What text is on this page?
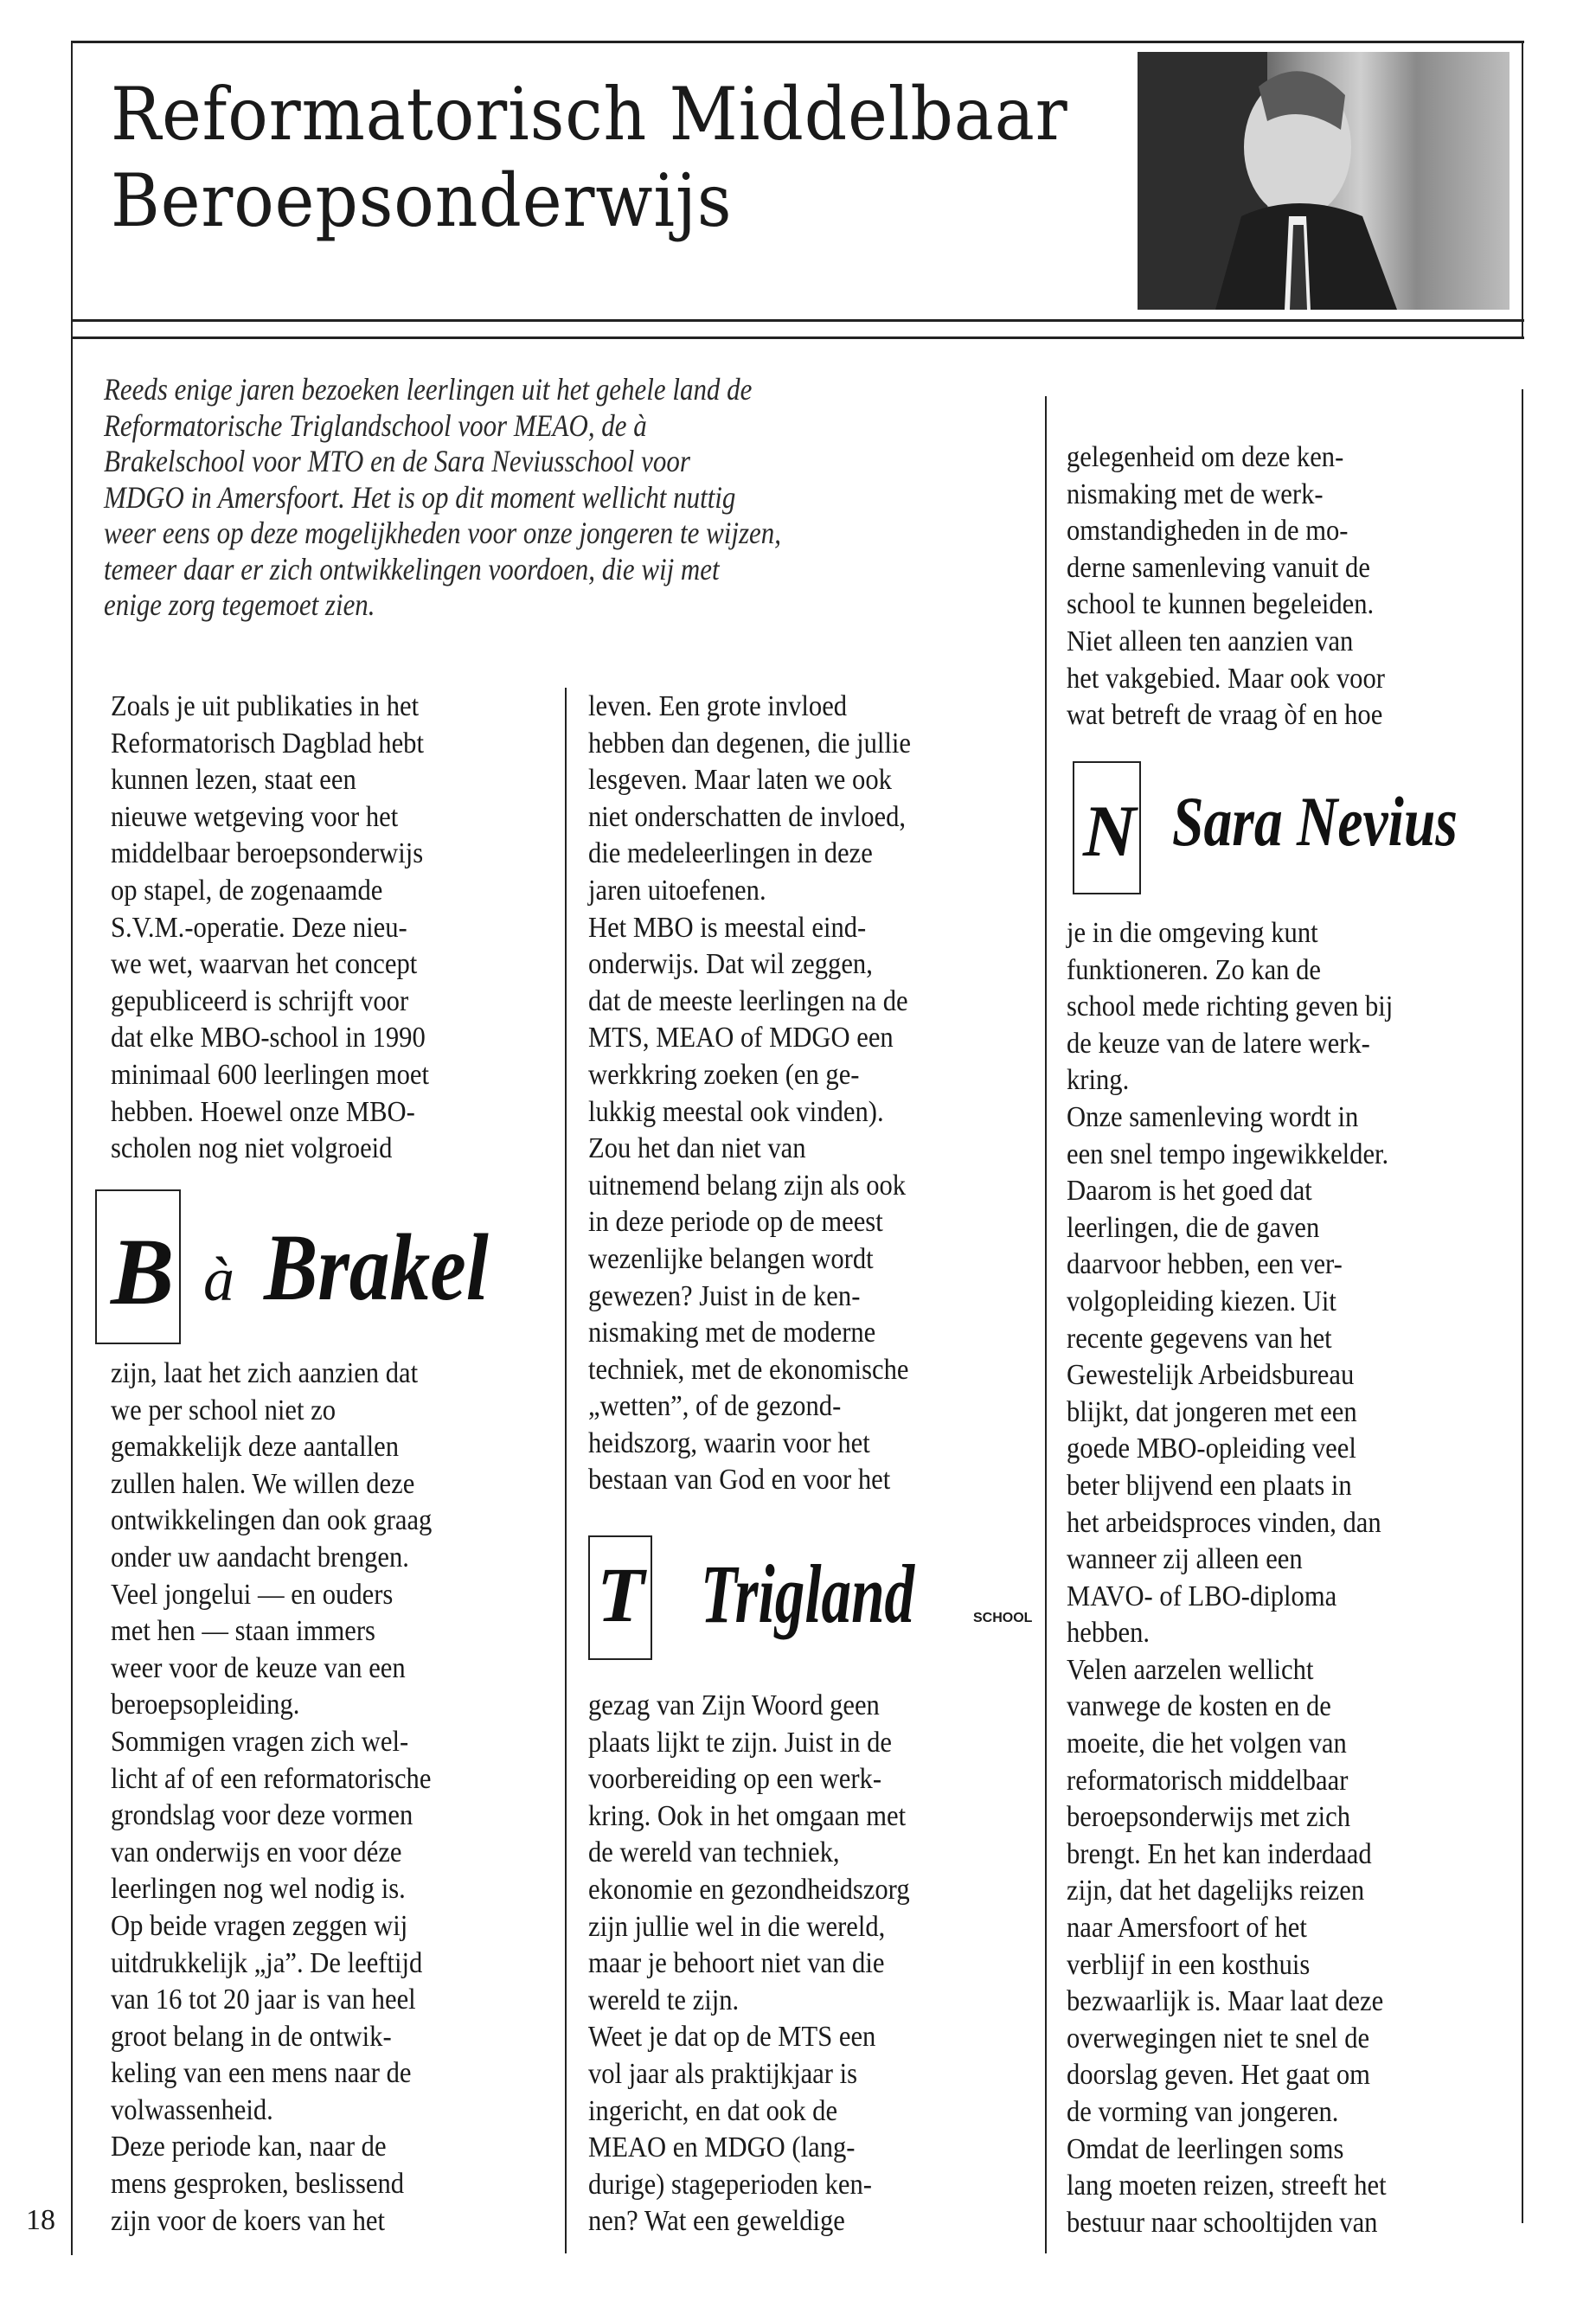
Reformatorisch Middelbaar
Beroepsonderwijs
Reeds enige jaren bezoeken leerlingen uit het gehele land de
Reformatorische Triglandschool voor MEAO, de à
Brakelschool voor MTO en de Sara Neviusschool voor
MDGO in Amersfoort. Het is op dit moment wellicht nuttig
weer eens op deze mogelijkheden voor onze jongeren te wijzen,
temeer daar er zich ontwikkelingen voordoen, die wij met
enige zorg tegemoet zien.
Zoals je uit publikaties in het
Reformatorisch Dagblad hebt
kunnen lezen, staat een
nieuwe wetgeving voor het
middelbaar beroepsonderwijs
op stapel, de zogenaamde
S.V.M.-operatie. Deze nieu-
we wet, waarvan het concept
gepubliceerd is schrijft voor
dat elke MBO-school in 1990
minimaal 600 leerlingen moet
hebben. Hoewel onze MBO-
scholen nog niet volgroeid
zijn, laat het zich aanzien dat
we per school niet zo
gemakkelijk deze aantallen
zullen halen. We willen deze
ontwikkelingen dan ook graag
onder uw aandacht brengen.
Veel jongelui — en ouders
met hen — staan immers
weer voor de keuze van een
beroepsopleiding.
Sommigen vragen zich wel-
licht af of een reformatorische
grondslag voor deze vormen
van onderwijs en voor déze
leerlingen nog wel nodig is.
Op beide vragen zeggen wij
uitdrukkelijk „ja”. De leeftijd
van 16 tot 20 jaar is van heel
groot belang in de ontwik-
keling van een mens naar de
volwassenheid.
Deze periode kan, naar de
mens gesproken, beslissend
zijn voor de koers van het
leven. Een grote invloed
hebben dan degenen, die jullie
lesgeven. Maar laten we ook
niet onderschatten de invloed,
die medeleerlingen in deze
jaren uitoefenen.
Het MBO is meestal eind-
onderwijs. Dat wil zeggen,
dat de meeste leerlingen na de
MTS, MEAO of MDGO een
werkkring zoeken (en ge-
lukkig meestal ook vinden).
Zou het dan niet van
uitnemend belang zijn als ook
in deze periode op de meest
wezenlijke belangen wordt
gewezen? Juist in de ken-
nismaking met de moderne
techniek, met de ekonomische
„wetten”, of de gezond-
heidszorg, waarin voor het
bestaan van God en voor het
gezag van Zijn Woord geen
plaats lijkt te zijn. Juist in de
voorbereiding op een werk-
kring. Ook in het omgaan met
de wereld van techniek,
ekonomie en gezondheidszorg
zijn jullie wel in die wereld,
maar je behoort niet van die
wereld te zijn.
Weet je dat op de MTS een
vol jaar als praktijkjaar is
ingericht, en dat ook de
MEAO en MDGO (lang-
durige) stageperioden ken-
nen? Wat een geweldige
gelegenheid om deze ken-
nismaking met de werk-
omstandigheden in de mo-
derne samenleving vanuit de
school te kunnen begeleiden.
Niet alleen ten aanzien van
het vakgebied. Maar ook voor
wat betreft de vraag òf en hoe
je in die omgeving kunt
funktioneren. Zo kan de
school mede richting geven bij
de keuze van de latere werk-
kring.
Onze samenleving wordt in
een snel tempo ingewikkelder.
Daarom is het goed dat
leerlingen, die de gaven
daarvoor hebben, een ver-
volgopleiding kiezen. Uit
recente gegevens van het
Gewestelijk Arbeidsbureau
blijkt, dat jongeren met een
goede MBO-opleiding veel
beter blijvend een plaats in
het arbeidsproces vinden, dan
wanneer zij alleen een
MAVO- of LBO-diploma
hebben.
Velen aarzelen wellicht
vanwege de kosten en de
moeite, die het volgen van
reformatorisch middelbaar
beroepsonderwijs met zich
brengt. En het kan inderdaad
zijn, dat het dagelijks reizen
naar Amersfoort of het
verblijf in een kosthuis
bezwaarlijk is. Maar laat deze
overwegingen niet te snel de
doorslag geven. Het gaat om
de vorming van jongeren.
Omdat de leerlingen soms
lang moeten reizen, streeft het
bestuur naar schooltijden van
B à Brakel
T Trigland	SCHOOL
N Sara Nevius
18
